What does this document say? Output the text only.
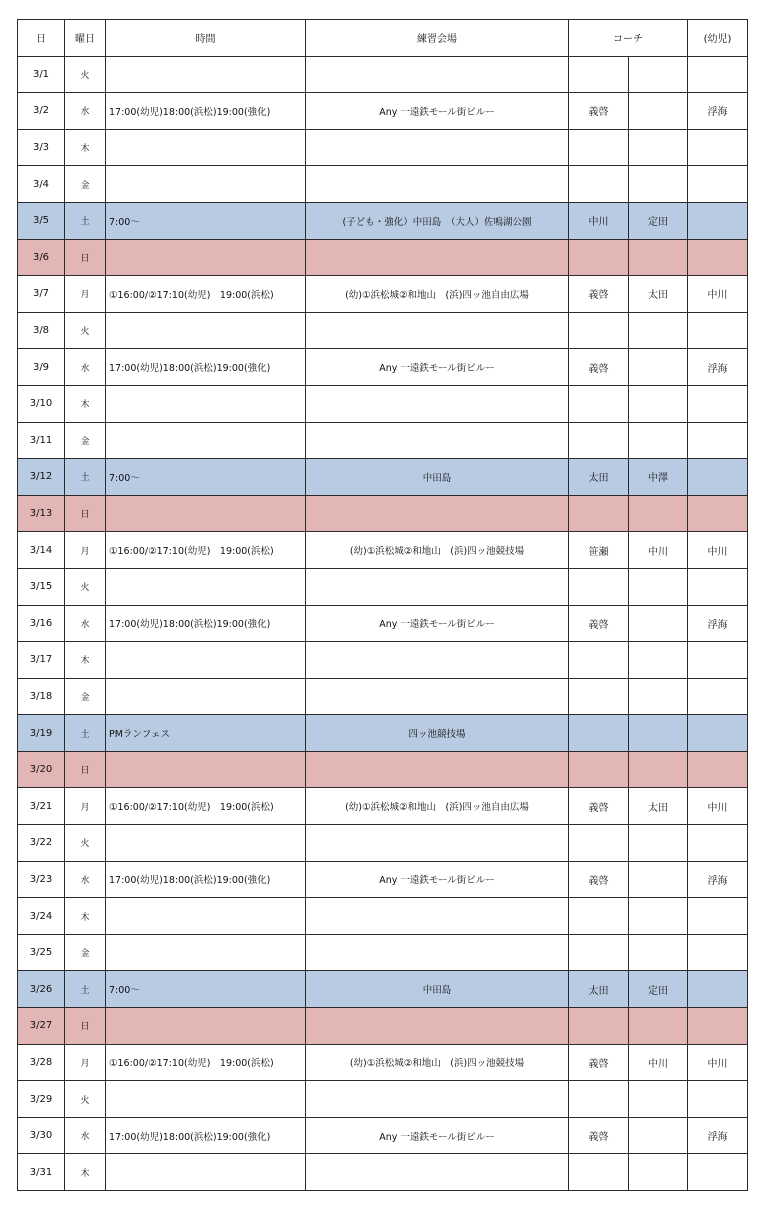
日	曜日	時間	練習会場	コーチ		(幼児)
3/1	火					
3/2	水	17:00(幼児)18:00(浜松)19:00(強化)	Any 一遠鉄モール街ビルー	義啓		浮海
3/3	木					
3/4	金					
3/5	土	7:00〜	(子ども・強化）中田島　（大人）佐鳴湖公園	中川	定田	
3/6	日					
3/7	月	①16:00/②17:10(幼児)　19:00(浜松)	(幼)①浜松城②和地山　(浜)四ッ池自由広場	義啓	太田	中川
3/8	火					
3/9	水	17:00(幼児)18:00(浜松)19:00(強化)	Any 一遠鉄モール街ビルー	義啓		浮海
3/10	木					
3/11	金					
3/12	土	7:00〜	中田島	太田	中澤	
3/13	日					
3/14	月	①16:00/②17:10(幼児)　19:00(浜松)	(幼)①浜松城②和地山　(浜)四ッ池競技場	笹瀬	中川	中川
3/15	火					
3/16	水	17:00(幼児)18:00(浜松)19:00(強化)	Any 一遠鉄モール街ビルー	義啓		浮海
3/17	木					
3/18	金					
3/19	土	PMランフェス	四ッ池競技場			
3/20	日					
3/21	月	①16:00/②17:10(幼児)　19:00(浜松)	(幼)①浜松城②和地山　(浜)四ッ池自由広場	義啓	太田	中川
3/22	火					
3/23	水	17:00(幼児)18:00(浜松)19:00(強化)	Any 一遠鉄モール街ビルー	義啓		浮海
3/24	木					
3/25	金					
3/26	土	7:00〜	中田島	太田	定田	
3/27	日					
3/28	月	①16:00/②17:10(幼児)　19:00(浜松)	(幼)①浜松城②和地山　(浜)四ッ池競技場	義啓	中川	中川
3/29	火					
3/30	水	17:00(幼児)18:00(浜松)19:00(強化)	Any 一遠鉄モール街ビルー	義啓		浮海
3/31	木					
